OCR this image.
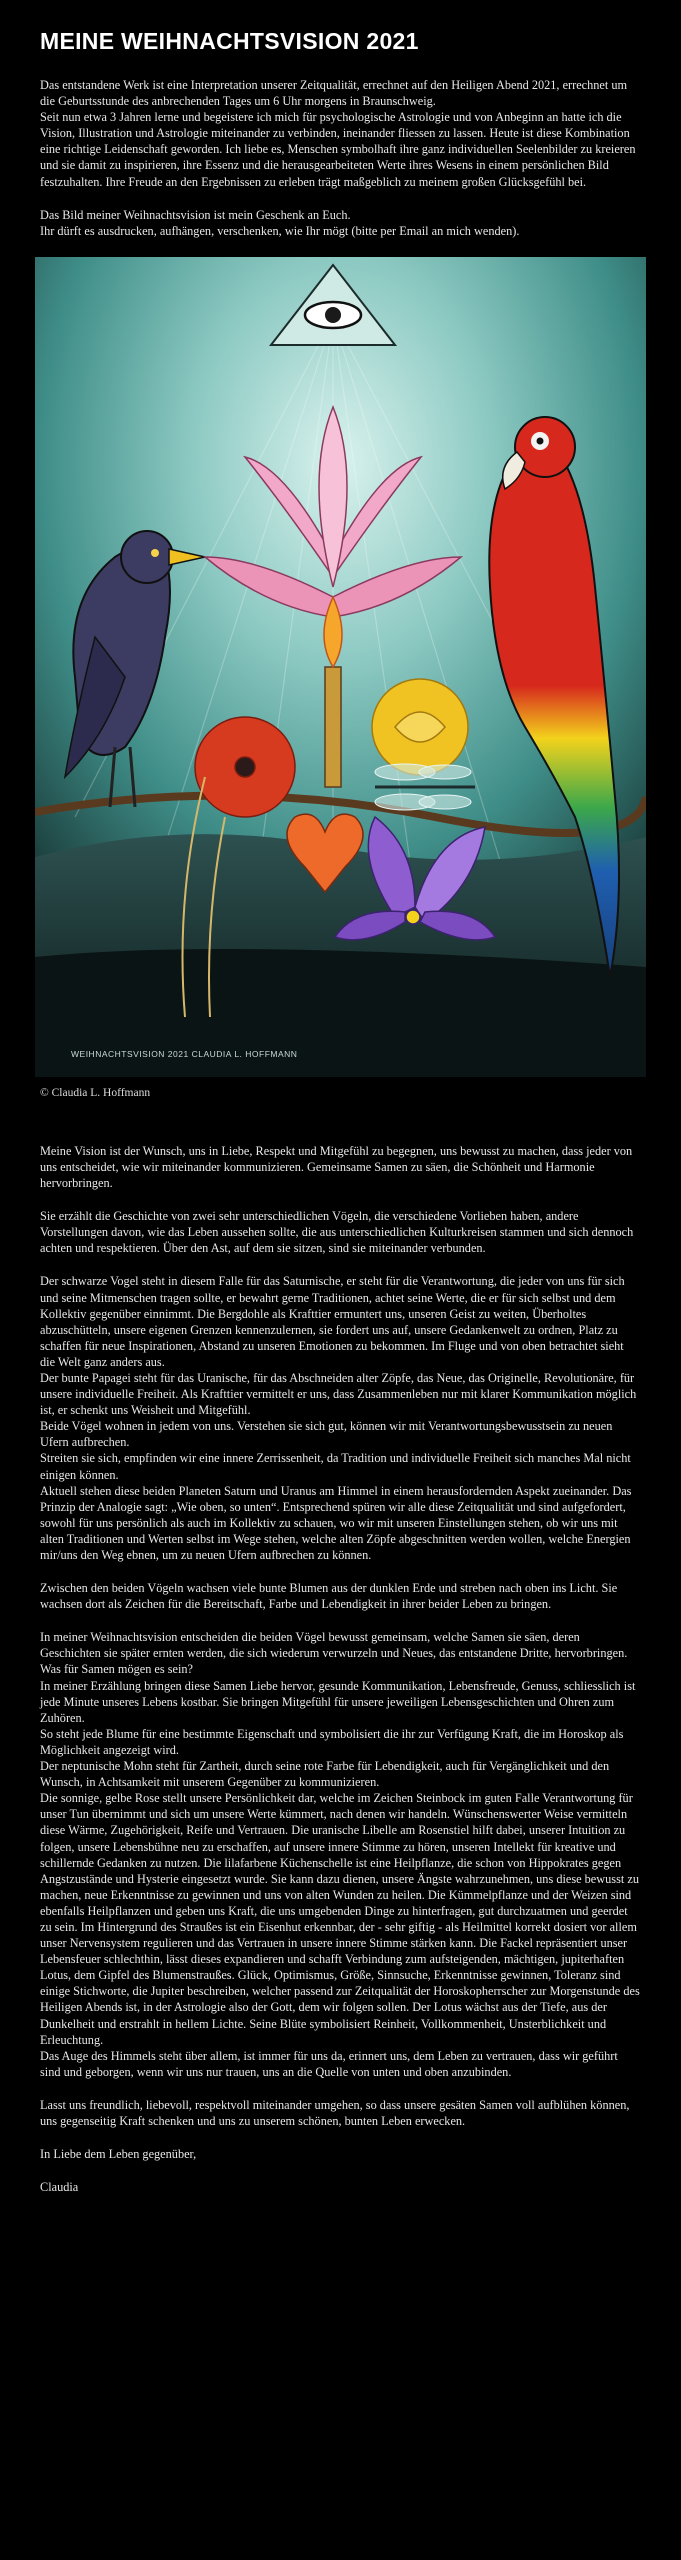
MEINE WEIHNACHTSVISION 2021

Das entstandene Werk ist eine Interpretation unserer Zeitqualität, errechnet auf den Heiligen Abend 2021, errechnet um die Geburtsstunde des anbrechenden Tages um 6 Uhr morgens in Braunschweig.
Seit nun etwa 3 Jahren lerne und begeistere ich mich für psychologische Astrologie und von Anbeginn an hatte ich die Vision, Illustration und Astrologie miteinander zu verbinden, ineinander fliessen zu lassen. Heute ist diese Kombination eine richtige Leidenschaft geworden. Ich liebe es, Menschen symbolhaft ihre ganz individuellen Seelenbilder zu kreieren und sie damit zu inspirieren, ihre Essenz und die herausgearbeiteten Werte ihres Wesens in einem persönlichen Bild festzuhalten. Ihre Freude an den Ergebnissen zu erleben trägt maßgeblich zu meinem großen Glücksgefühl bei.

Das Bild meiner Weihnachtsvision ist mein Geschenk an Euch.
Ihr dürft es ausdrucken, aufhängen, verschenken, wie Ihr mögt (bitte per Email an mich wenden).

WEIHNACHTSVISION 2021 CLAUDIA L. HOFFMANN

© Claudia L. Hoffmann

Meine Vision ist der Wunsch, uns in Liebe, Respekt und Mitgefühl zu begegnen, uns bewusst zu machen, dass jeder von uns entscheidet, wie wir miteinander kommunizieren. Gemeinsame Samen zu säen, die Schönheit und Harmonie hervorbringen.

Sie erzählt die Geschichte von zwei sehr unterschiedlichen Vögeln, die verschiedene Vorlieben haben, andere Vorstellungen davon, wie das Leben aussehen sollte, die aus unterschiedlichen Kulturkreisen stammen und sich dennoch achten und respektieren. Über den Ast, auf dem sie sitzen, sind sie miteinander verbunden.

Der schwarze Vogel steht in diesem Falle für das Saturnische, er steht für die Verantwortung, die jeder von uns für sich und seine Mitmenschen tragen sollte, er bewahrt gerne Traditionen, achtet seine Werte, die er für sich selbst und dem Kollektiv gegenüber einnimmt. Die Bergdohle als Krafttier ermuntert uns, unseren Geist zu weiten, Überholtes abzuschütteln, unsere eigenen Grenzen kennenzulernen, sie fordert uns auf, unsere Gedankenwelt zu ordnen, Platz zu schaffen für neue Inspirationen, Abstand zu unseren Emotionen zu bekommen. Im Fluge und von oben betrachtet sieht die Welt ganz anders aus.
Der bunte Papagei steht für das Uranische, für das Abschneiden alter Zöpfe, das Neue, das Originelle, Revolutionäre, für unsere individuelle Freiheit. Als Krafttier vermittelt er uns, dass Zusammenleben nur mit klarer Kommunikation möglich ist, er schenkt uns Weisheit und Mitgefühl.
Beide Vögel wohnen in jedem von uns. Verstehen sie sich gut, können wir mit Verantwortungsbewusstsein zu neuen Ufern aufbrechen.
Streiten sie sich, empfinden wir eine innere Zerrissenheit, da Tradition und individuelle Freiheit sich manches Mal nicht einigen können.
Aktuell stehen diese beiden Planeten Saturn und Uranus am Himmel in einem herausfordernden Aspekt zueinander. Das Prinzip der Analogie sagt: „Wie oben, so unten“. Entsprechend spüren wir alle diese Zeitqualität und sind aufgefordert, sowohl für uns persönlich als auch im Kollektiv zu schauen, wo wir mit unseren Einstellungen stehen, ob wir uns mit alten Traditionen und Werten selbst im Wege stehen, welche alten Zöpfe abgeschnitten werden wollen, welche Energien mir/uns den Weg ebnen, um zu neuen Ufern aufbrechen zu können.

Zwischen den beiden Vögeln wachsen viele bunte Blumen aus der dunklen Erde und streben nach oben ins Licht. Sie wachsen dort als Zeichen für die Bereitschaft, Farbe und Lebendigkeit in ihrer beider Leben zu bringen.

In meiner Weihnachtsvision entscheiden die beiden Vögel bewusst gemeinsam, welche Samen sie säen, deren Geschichten sie später ernten werden, die sich wiederum verwurzeln und Neues, das entstandene Dritte, hervorbringen.
Was für Samen mögen es sein?
In meiner Erzählung bringen diese Samen Liebe hervor, gesunde Kommunikation, Lebensfreude, Genuss, schliesslich ist jede Minute unseres Lebens kostbar. Sie bringen Mitgefühl für unsere jeweiligen Lebensgeschichten und Ohren zum Zuhören.
So steht jede Blume für eine bestimmte Eigenschaft und symbolisiert die ihr zur Verfügung Kraft, die im Horoskop als Möglichkeit angezeigt wird.
Der neptunische Mohn steht für Zartheit, durch seine rote Farbe für Lebendigkeit, auch für Vergänglichkeit und den Wunsch, in Achtsamkeit mit unserem Gegenüber zu kommunizieren.
Die sonnige, gelbe Rose stellt unsere Persönlichkeit dar, welche im Zeichen Steinbock im guten Falle Verantwortung für unser Tun übernimmt und sich um unsere Werte kümmert, nach denen wir handeln. Wünschenswerter Weise vermitteln diese Wärme, Zugehörigkeit, Reife und Vertrauen. Die uranische Libelle am Rosenstiel hilft dabei, unserer Intuition zu folgen, unsere Lebensbühne neu zu erschaffen, auf unsere innere Stimme zu hören, unseren Intellekt für kreative und schillernde Gedanken zu nutzen. Die lilafarbene Küchenschelle ist eine Heilpflanze, die schon von Hippokrates gegen Angstzustände und Hysterie eingesetzt wurde. Sie kann dazu dienen, unsere Ängste wahrzunehmen, uns diese bewusst zu machen, neue Erkenntnisse zu gewinnen und uns von alten Wunden zu heilen. Die Kümmelpflanze und der Weizen sind ebenfalls Heilpflanzen und geben uns Kraft, die uns umgebenden Dinge zu hinterfragen, gut durchzuatmen und geerdet zu sein. Im Hintergrund des Straußes ist ein Eisenhut erkennbar, der - sehr giftig - als Heilmittel korrekt dosiert vor allem unser Nervensystem regulieren und das Vertrauen in unsere innere Stimme stärken kann. Die Fackel repräsentiert unser Lebensfeuer schlechthin, lässt dieses expandieren und schafft Verbindung zum aufsteigenden, mächtigen, jupiterhaften Lotus, dem Gipfel des Blumenstraußes. Glück, Optimismus, Größe, Sinnsuche, Erkenntnisse gewinnen, Toleranz sind einige Stichworte, die Jupiter beschreiben, welcher passend zur Zeitqualität der Horoskopherrscher zur Morgenstunde des Heiligen Abends ist, in der Astrologie also der Gott, dem wir folgen sollen. Der Lotus wächst aus der Tiefe, aus der Dunkelheit und erstrahlt in hellem Lichte. Seine Blüte symbolisiert Reinheit, Vollkommenheit, Unsterblichkeit und Erleuchtung.
Das Auge des Himmels steht über allem, ist immer für uns da, erinnert uns, dem Leben zu vertrauen, dass wir geführt sind und geborgen, wenn wir uns nur trauen, uns an die Quelle von unten und oben anzubinden.

Lasst uns freundlich, liebevoll, respektvoll miteinander umgehen, so dass unsere gesäten Samen voll aufblühen können, uns gegenseitig Kraft schenken und uns zu unserem schönen, bunten Leben erwecken.

In Liebe dem Leben gegenüber,

Claudia
